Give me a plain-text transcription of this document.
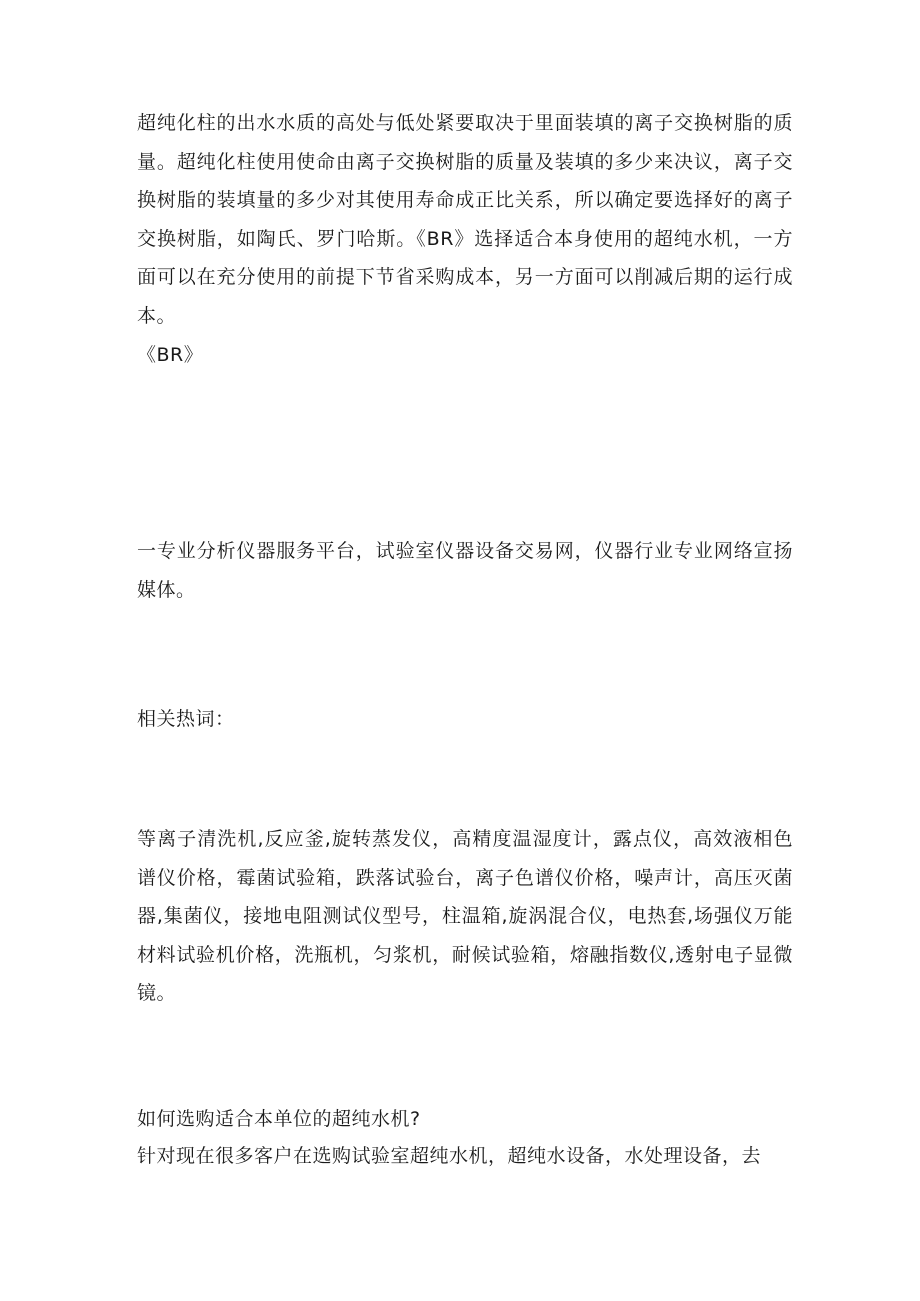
超纯化柱的出水水质的高处与低处紧要取决于里面装填的离子交换树脂的质量。超纯化柱使用使命由离子交换树脂的质量及装填的多少来决议，离子交换树脂的装填量的多少对其使用寿命成正比关系，所以确定要选择好的离子交换树脂，如陶氏、罗门哈斯。《BR》选择适合本身使用的超纯水机，一方面可以在充分使用的前提下节省采购成本，另一方面可以削减后期的运行成本。

《BR》

一专业分析仪器服务平台，试验室仪器设备交易网，仪器行业专业网络宣扬媒体。

相关热词：

等离子清洗机,反应釜,旋转蒸发仪，高精度温湿度计，露点仪，高效液相色谱仪价格，霉菌试验箱，跌落试验台，离子色谱仪价格，噪声计，高压灭菌器,集菌仪，接地电阻测试仪型号，柱温箱,旋涡混合仪，电热套,场强仪万能材料试验机价格，洗瓶机，匀浆机，耐候试验箱，熔融指数仪,透射电子显微镜。

如何选购适合本单位的超纯水机?

针对现在很多客户在选购试验室超纯水机，超纯水设备，水处理设备，去
